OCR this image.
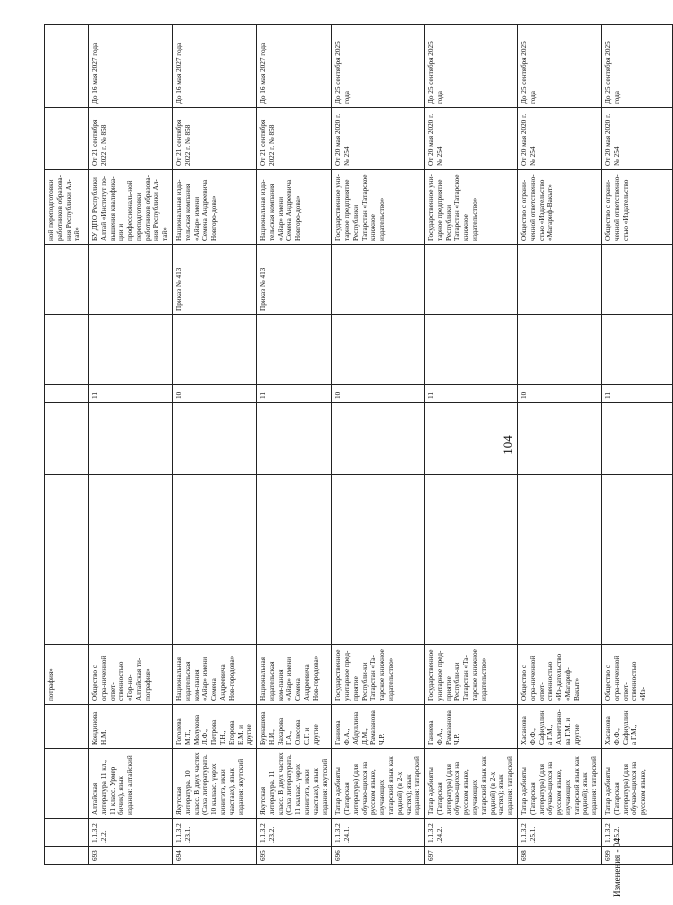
104
Изменения - 04
				потрафия»						ной переподготовки работников образова-ния Республики Ал-тай»		
693	1.1.3.2.2.2.	Алтайская литература 11 кл., 11 класс. Урмер бичик), язык издания: алтайский	Кондинова Н.М.	Общество с огра-ниченной ответ-ственностью «Гор-но-Алтайская ти-пография»			11			БУ ДПО Республики Алтай «Институт по-вышения квалифика-ции и профессиональ-ной переподготовки работников образова-ния Республики Ал-тай»	От 21 сентября 2022 г. № 858	До 16 мая 2027 года
694	1.1.3.2.23.1.	Якутская литература. 10 класс. В двух частях (Саха литературата. 10 кылаас. үөрэх кинигэтэ, икки чаастаах), язык издания: якутский	Гоголева М.Т., Молукова Л.Ф., Петрова Т.Н., Егорова Е.М. и другие	Национальная издательская ком-пания «Айар» имени Семена Андреевича Нов-городова»			10		Приказ № 413	Национальная изда-тельская компания «Айар» имени Семена Андреевича Новгоро-дова»	От 21 сентября 2022 г. № 858	До 16 мая 2027 года
695	1.1.3.2.23.2.	Якутская литература. 11 класс. В двух частях (Саха литературата. 11 кылаас. үөрэх кинигэтэ, икки чаастаах), язык издания: якутский	Бурнашева Н.И., Захарова Г.А., Олесова С.Г. и другие	Национальная издательская ком-пания «Айар» имени Семена Андреевича Нов-городова»			11		Приказ № 413	Национальная изда-тельская компания «Айар» имени Семена Андреевича Новгоро-дова»	От 21 сентября 2022 г. № 858	До 16 мая 2027 года
696	1.1.3.2.24.1.	Татар әдәбияты (Татарская литература) (для обучаю-щихся на русском языке, изучающих татарский язык как родной) (в 2-х частях); язык издания: татарский	Ганиева Ф.А., Абдуллина Д.М., Рамазанова Ч.Р.	Государственное унитарное пред-приятие Республи-ки Татарстан «Та-тарское книжное издательство»			10			Государственное уни-тарное предприятие Республики Татарстан «Татарское книжное издательство»	От 20 мая 2020 г. № 254	До 25 сентября 2025 года
697	1.1.3.2.24.2.	Татар әдәбияты (Татарская литература) (для обучаю-щихся на русском языке, изучающих татарский язык как родной) (в 2-х частях); язык издания: татарский	Ганиева Ф.А., Рамазанова Ч.Р.	Государственное унитарное пред-приятие Республи-ки Татарстан «Та-тарское книжное издательство»			11			Государственное уни-тарное предприятие Республики Татарстан «Татарское книжное издательство»	От 20 мая 2020 г. № 254	До 25 сентября 2025 года
698	1.1.3.2.25.1.	Татар әдәбияты (Татарская литература) (для обучаю-щихся на русском языке, изучающих татарский язык как родной); язык издания: татарский	Хасанова Ф.Ф., Сафиуллина Г.М., Ахметзяно-ва Г.М. и другие	Общество с огра-ниченной ответ-ственностью «Из-дательство «Магариф-Вакыт»			10			Общество с ограни-ченной ответственно-стью «Издательство «Магариф-Вакыт»	От 20 мая 2020 г. № 254	До 25 сентября 2025 года
699	1.1.3.2.25.2.	Татар әдәбияты (Татарская литература) (для обучаю-щихся на русском языке,	Хасанова Ф.Ф., Сафиуллина Г.М.,	Общество с огра-ниченной ответ-ственностью «Из-			11			Общество с ограни-ченной ответственно-стью «Издательство	От 20 мая 2020 г. № 254	До 25 сентября 2025 года
